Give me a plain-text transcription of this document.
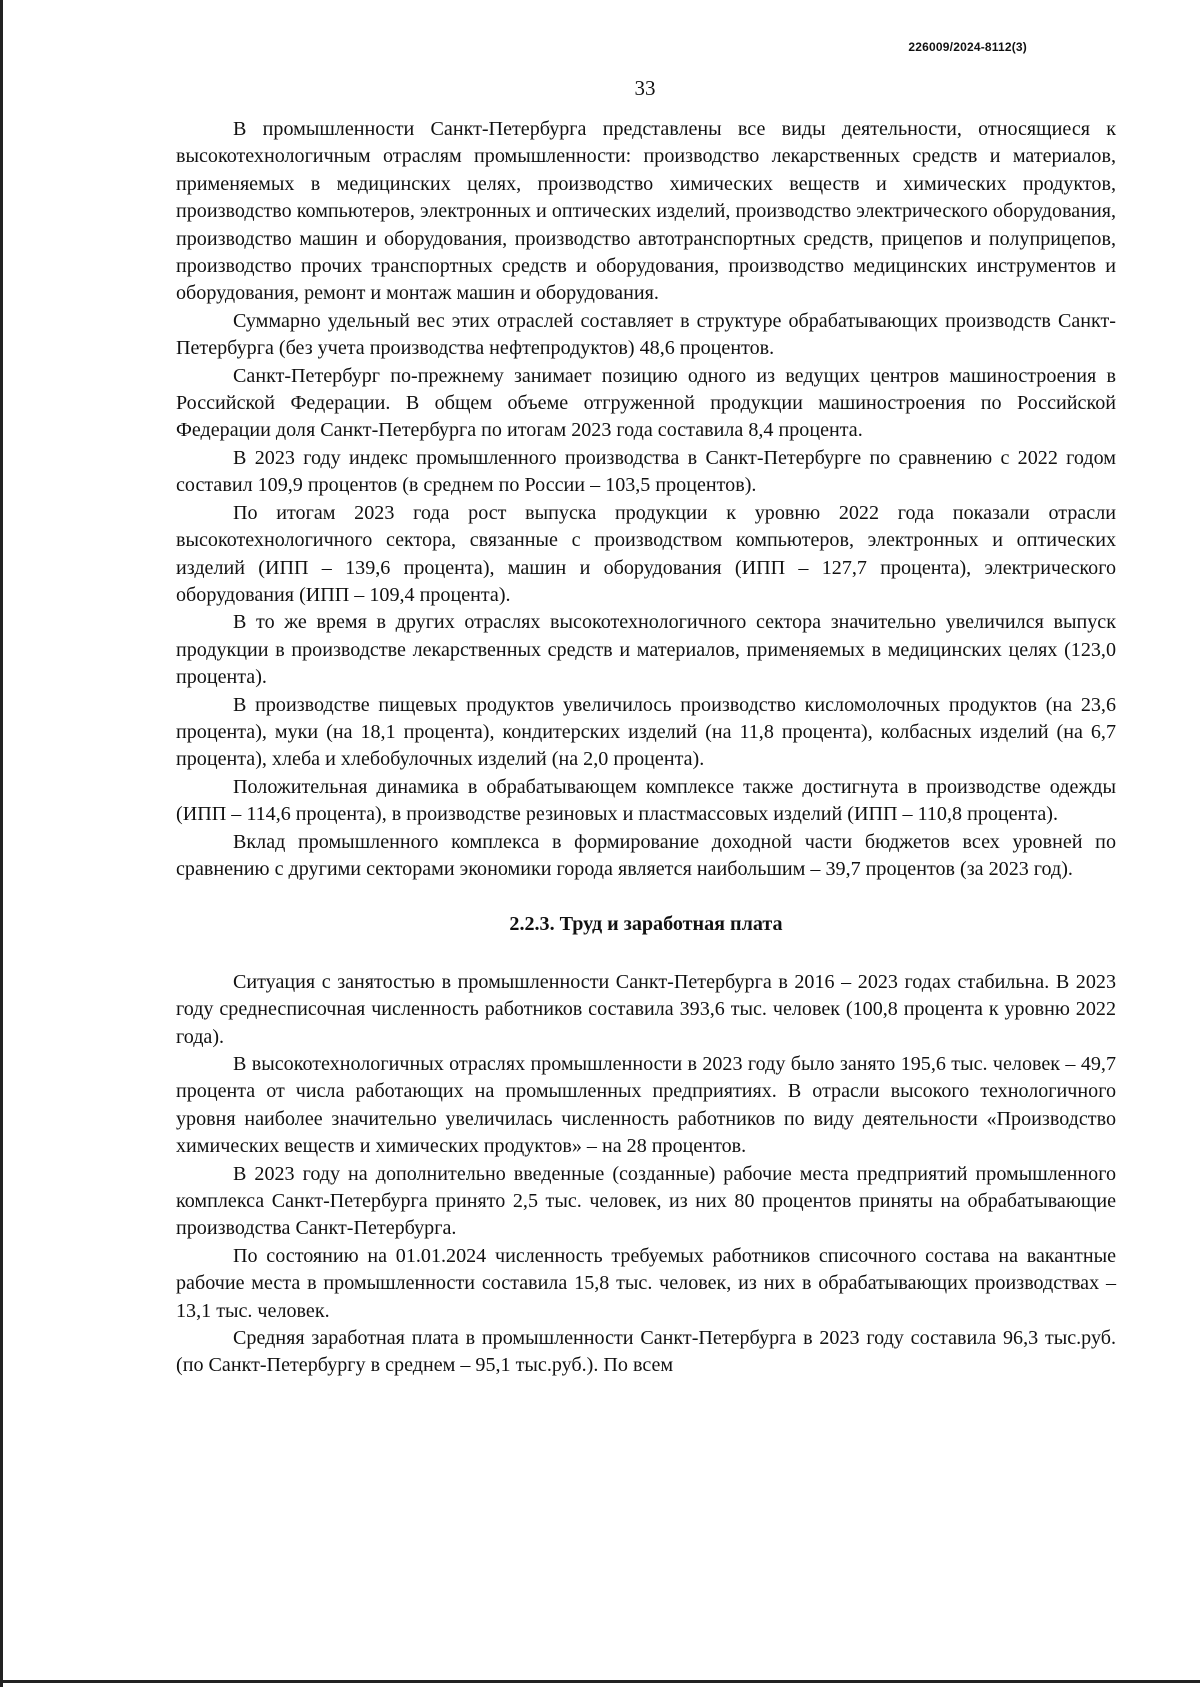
226009/2024-8112(3)
33

В промышленности Санкт-Петербурга представлены все виды деятельности, относящиеся к высокотехнологичным отраслям промышленности: производство лекарственных средств и материалов, применяемых в медицинских целях, производство химических веществ и химических продуктов, производство компьютеров, электронных и оптических изделий, производство электрического оборудования, производство машин и оборудования, производство автотранспортных средств, прицепов и полуприцепов, производство прочих транспортных средств и оборудования, производство медицинских инструментов и оборудования, ремонт и монтаж машин и оборудования.

Суммарно удельный вес этих отраслей составляет в структуре обрабатывающих производств Санкт-Петербурга (без учета производства нефтепродуктов) 48,6 процентов.

Санкт-Петербург по-прежнему занимает позицию одного из ведущих центров машиностроения в Российской Федерации. В общем объеме отгруженной продукции машиностроения по Российской Федерации доля Санкт-Петербурга по итогам 2023 года составила 8,4 процента.

В 2023 году индекс промышленного производства в Санкт-Петербурге по сравнению с 2022 годом составил 109,9 процентов (в среднем по России – 103,5 процентов).

По итогам 2023 года рост выпуска продукции к уровню 2022 года показали отрасли высокотехнологичного сектора, связанные с производством компьютеров, электронных и оптических изделий (ИПП – 139,6 процента), машин и оборудования (ИПП – 127,7 процента), электрического оборудования (ИПП – 109,4 процента).

В то же время в других отраслях высокотехнологичного сектора значительно увеличился выпуск продукции в производстве лекарственных средств и материалов, применяемых в медицинских целях (123,0 процента).

В производстве пищевых продуктов увеличилось производство кисломолочных продуктов (на 23,6 процента), муки (на 18,1 процента), кондитерских изделий (на 11,8 процента), колбасных изделий (на 6,7 процента), хлеба и хлебобулочных изделий (на 2,0 процента).

Положительная динамика в обрабатывающем комплексе также достигнута в производстве одежды (ИПП – 114,6 процента), в производстве резиновых и пластмассовых изделий (ИПП – 110,8 процента).

Вклад промышленного комплекса в формирование доходной части бюджетов всех уровней по сравнению с другими секторами экономики города является наибольшим – 39,7 процентов (за 2023 год).

2.2.3. Труд и заработная плата

Ситуация с занятостью в промышленности Санкт-Петербурга в 2016 – 2023 годах стабильна. В 2023 году среднесписочная численность работников составила 393,6 тыс. человек (100,8 процента к уровню 2022 года).

В высокотехнологичных отраслях промышленности в 2023 году было занято 195,6 тыс. человек – 49,7 процента от числа работающих на промышленных предприятиях. В отрасли высокого технологичного уровня наиболее значительно увеличилась численность работников по виду деятельности «Производство химических веществ и химических продуктов» – на 28 процентов.

В 2023 году на дополнительно введенные (созданные) рабочие места предприятий промышленного комплекса Санкт-Петербурга принято 2,5 тыс. человек, из них 80 процентов приняты на обрабатывающие производства Санкт-Петербурга.

По состоянию на 01.01.2024 численность требуемых работников списочного состава на вакантные рабочие места в промышленности составила 15,8 тыс. человек, из них в обрабатывающих производствах – 13,1 тыс. человек.

Средняя заработная плата в промышленности Санкт-Петербурга в 2023 году составила 96,3 тыс.руб. (по Санкт-Петербургу в среднем – 95,1 тыс.руб.). По всем
